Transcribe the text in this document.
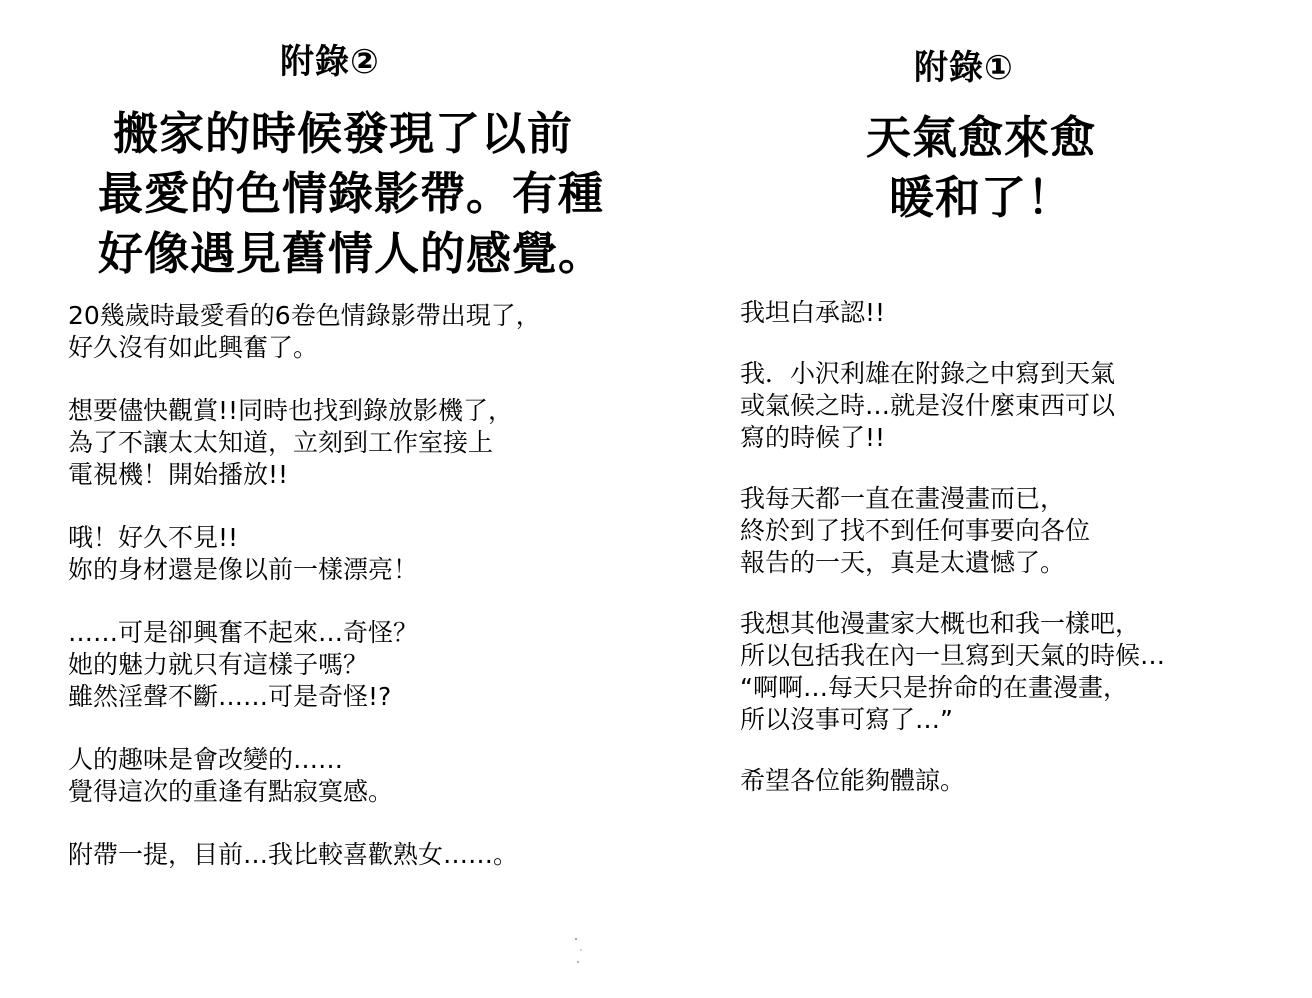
附錄②
搬家的時候發現了以前
最愛的色情錄影帶。有種
好像遇見舊情人的感覺。

20幾歲時最愛看的6卷色情錄影帶出現了，
好久沒有如此興奮了。

想要儘快觀賞!!同時也找到錄放影機了，
為了不讓太太知道，立刻到工作室接上
電視機！開始播放!!

哦！好久不見!!
妳的身材還是像以前一樣漂亮！

……可是卻興奮不起來…奇怪？
她的魅力就只有這樣子嗎？
雖然淫聲不斷……可是奇怪!?

人的趣味是會改變的……
覺得這次的重逢有點寂寞感。

附帶一提，目前…我比較喜歡熟女……。

附錄①
天氣愈來愈
暖和了！

我坦白承認!!

我．小沢利雄在附錄之中寫到天氣
或氣候之時…就是沒什麼東西可以
寫的時候了!!

我每天都一直在畫漫畫而已，
終於到了找不到任何事要向各位
報告的一天，真是太遺憾了。

我想其他漫畫家大概也和我一樣吧，
所以包括我在內一旦寫到天氣的時候…
“啊啊…每天只是拚命的在畫漫畫，
所以沒事可寫了…”

希望各位能夠體諒。
